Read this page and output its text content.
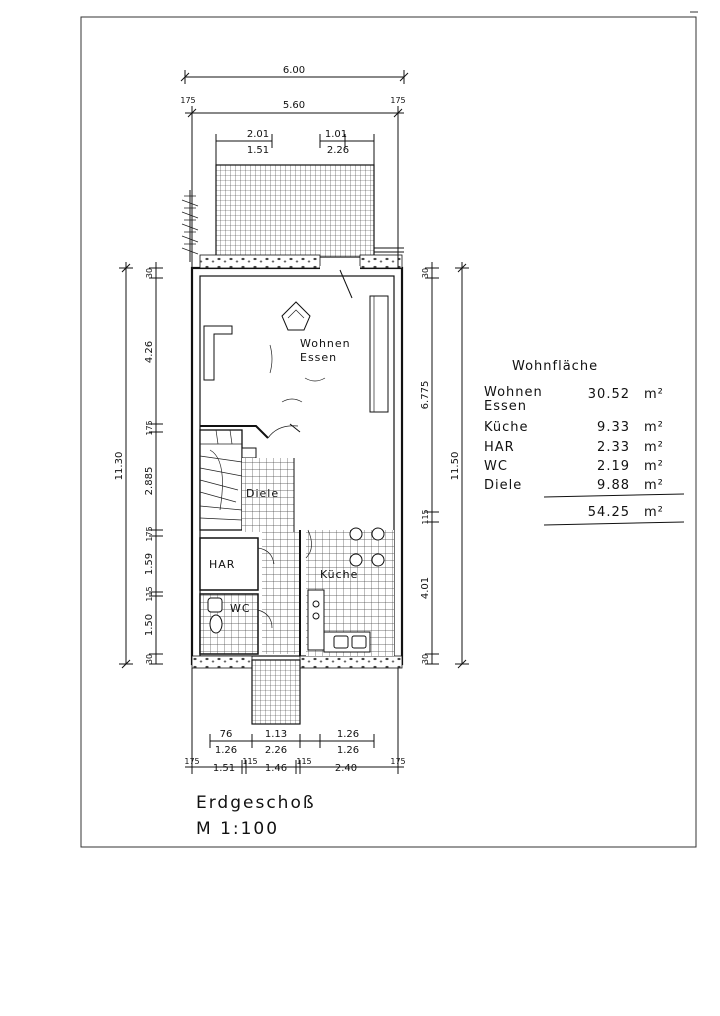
6.00
5.60
175	175
2.01
1.51
1.01
2.26
11.30
30
4.26
175
2.885
175
1.59
115
1.50
30
30
6.775
115
4.01
30
11.50
76	1.13	1.26
1.26	2.26	1.26
175
1.51
115
1.46
115
2.40
175
Wohnen
Essen
Diele
HAR
WC
Küche
Wohnfläche
Wohnen
Essen
30.52 m²
Küche	9.33 m²
HAR	2.33 m²
WC	2.19 m²
Diele	9.88 m²
54.25 m²
Erdgeschoß
M 1:100
